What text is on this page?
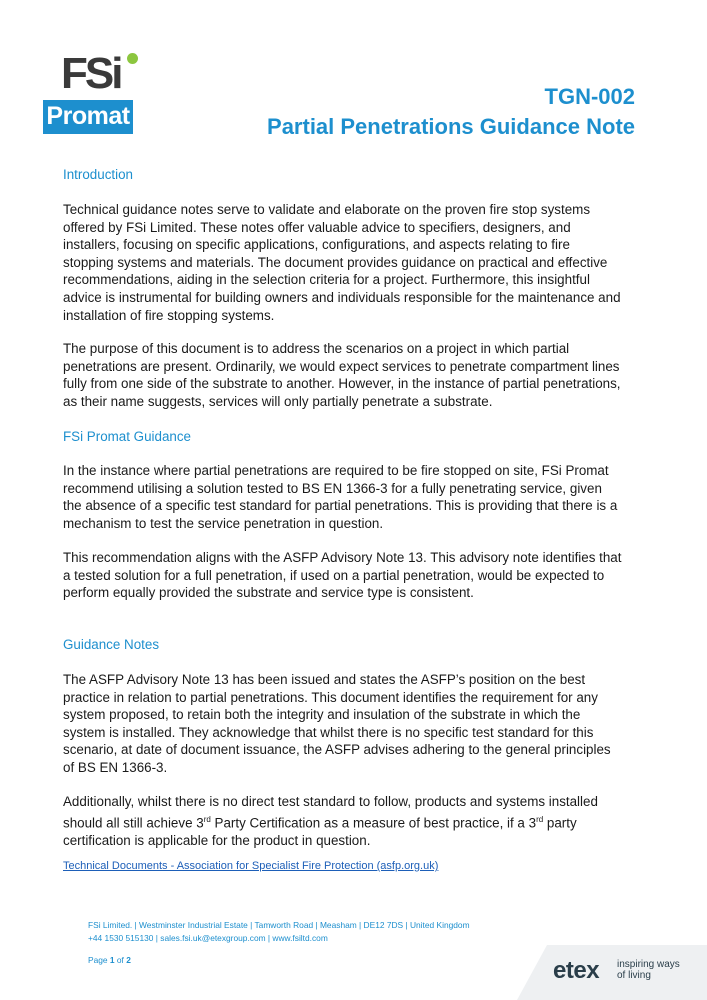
FSi
Promat
TGN-002
Partial Penetrations Guidance Note
Introduction

Technical guidance notes serve to validate and elaborate on the proven fire stop systems offered by FSi Limited. These notes offer valuable advice to specifiers, designers, and installers, focusing on specific applications, configurations, and aspects relating to fire stopping systems and materials. The document provides guidance on practical and effective recommendations, aiding in the selection criteria for a project. Furthermore, this insightful advice is instrumental for building owners and individuals responsible for the maintenance and installation of fire stopping systems.

The purpose of this document is to address the scenarios on a project in which partial penetrations are present. Ordinarily, we would expect services to penetrate compartment lines fully from one side of the substrate to another. However, in the instance of partial penetrations, as their name suggests, services will only partially penetrate a substrate.

FSi Promat Guidance

In the instance where partial penetrations are required to be fire stopped on site, FSi Promat recommend utilising a solution tested to BS EN 1366-3 for a fully penetrating service, given the absence of a specific test standard for partial penetrations. This is providing that there is a mechanism to test the service penetration in question.

This recommendation aligns with the ASFP Advisory Note 13. This advisory note identifies that a tested solution for a full penetration, if used on a partial penetration, would be expected to perform equally provided the substrate and service type is consistent.

Guidance Notes

The ASFP Advisory Note 13 has been issued and states the ASFP’s position on the best practice in relation to partial penetrations. This document identifies the requirement for any system proposed, to retain both the integrity and insulation of the substrate in which the system is installed. They acknowledge that whilst there is no specific test standard for this scenario, at date of document issuance, the ASFP advises adhering to the general principles of BS EN 1366-3.

Additionally, whilst there is no direct test standard to follow, products and systems installed should all still achieve 3rd Party Certification as a measure of best practice, if a 3rd party certification is applicable for the product in question.

Technical Documents - Association for Specialist Fire Protection (asfp.org.uk)
FSi Limited. | Westminster Industrial Estate | Tamworth Road | Measham | DE12 7DS | United Kingdom
+44 1530 515130 | sales.fsi.uk@etexgroup.com | www.fsiltd.com
Page 1 of 2	etex inspiring ways
of living
